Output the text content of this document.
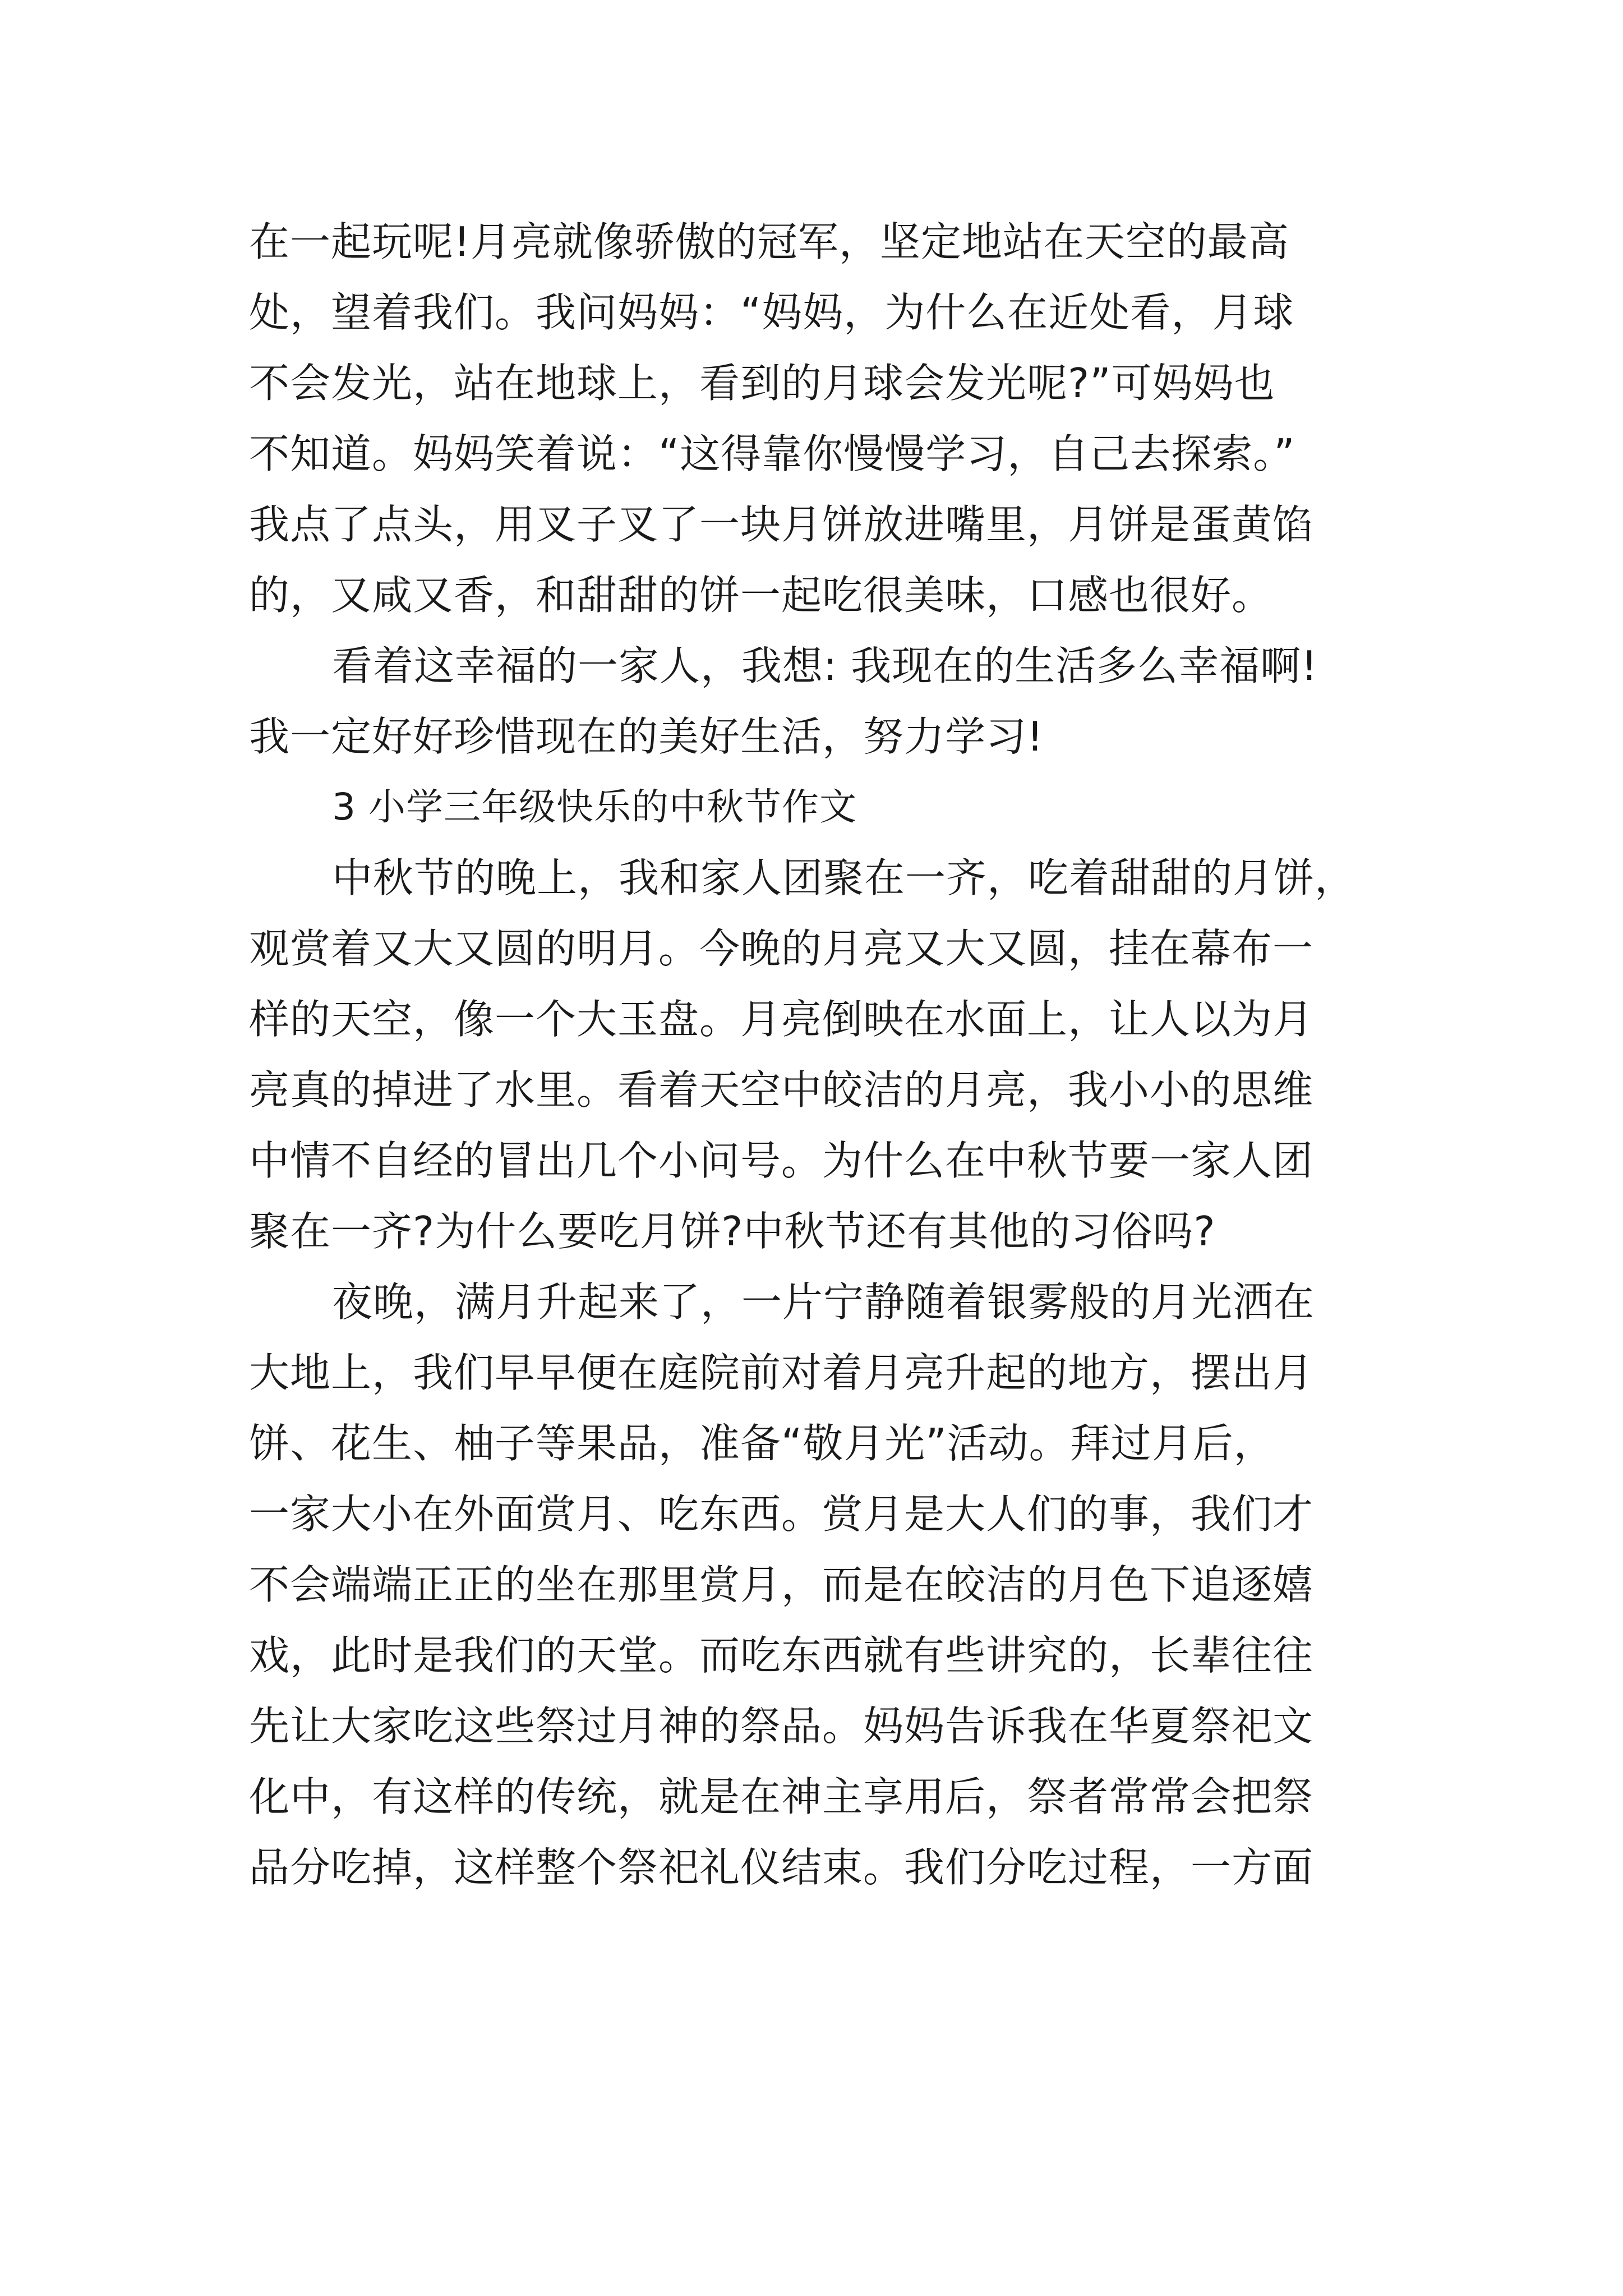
在一起玩呢!月亮就像骄傲的冠军，坚定地站在天空的最高
处，望着我们。我问妈妈：“妈妈，为什么在近处看，月球
不会发光，站在地球上，看到的月球会发光呢?”可妈妈也
不知道。妈妈笑着说：“这得靠你慢慢学习，自己去探索。”
我点了点头，用叉子叉了一块月饼放进嘴里，月饼是蛋黄馅
的，又咸又香，和甜甜的饼一起吃很美味，口感也很好。
看着这幸福的一家人，我想: 我现在的生活多么幸福啊!
我一定好好珍惜现在的美好生活，努力学习!
3 小学三年级快乐的中秋节作文
中秋节的晚上，我和家人团聚在一齐，吃着甜甜的月饼，
观赏着又大又圆的明月。今晚的月亮又大又圆，挂在幕布一
样的天空，像一个大玉盘。月亮倒映在水面上，让人以为月
亮真的掉进了水里。看着天空中皎洁的月亮，我小小的思维
中情不自经的冒出几个小问号。为什么在中秋节要一家人团
聚在一齐?为什么要吃月饼?中秋节还有其他的习俗吗?
夜晚，满月升起来了，一片宁静随着银雾般的月光洒在
大地上，我们早早便在庭院前对着月亮升起的地方，摆出月
饼、花生、柚子等果品，准备“敬月光”活动。拜过月后，
一家大小在外面赏月、吃东西。赏月是大人们的事，我们才
不会端端正正的坐在那里赏月，而是在皎洁的月色下追逐嬉
戏，此时是我们的天堂。而吃东西就有些讲究的，长辈往往
先让大家吃这些祭过月神的祭品。妈妈告诉我在华夏祭祀文
化中，有这样的传统，就是在神主享用后，祭者常常会把祭
品分吃掉，这样整个祭祀礼仪结束。我们分吃过程，一方面
